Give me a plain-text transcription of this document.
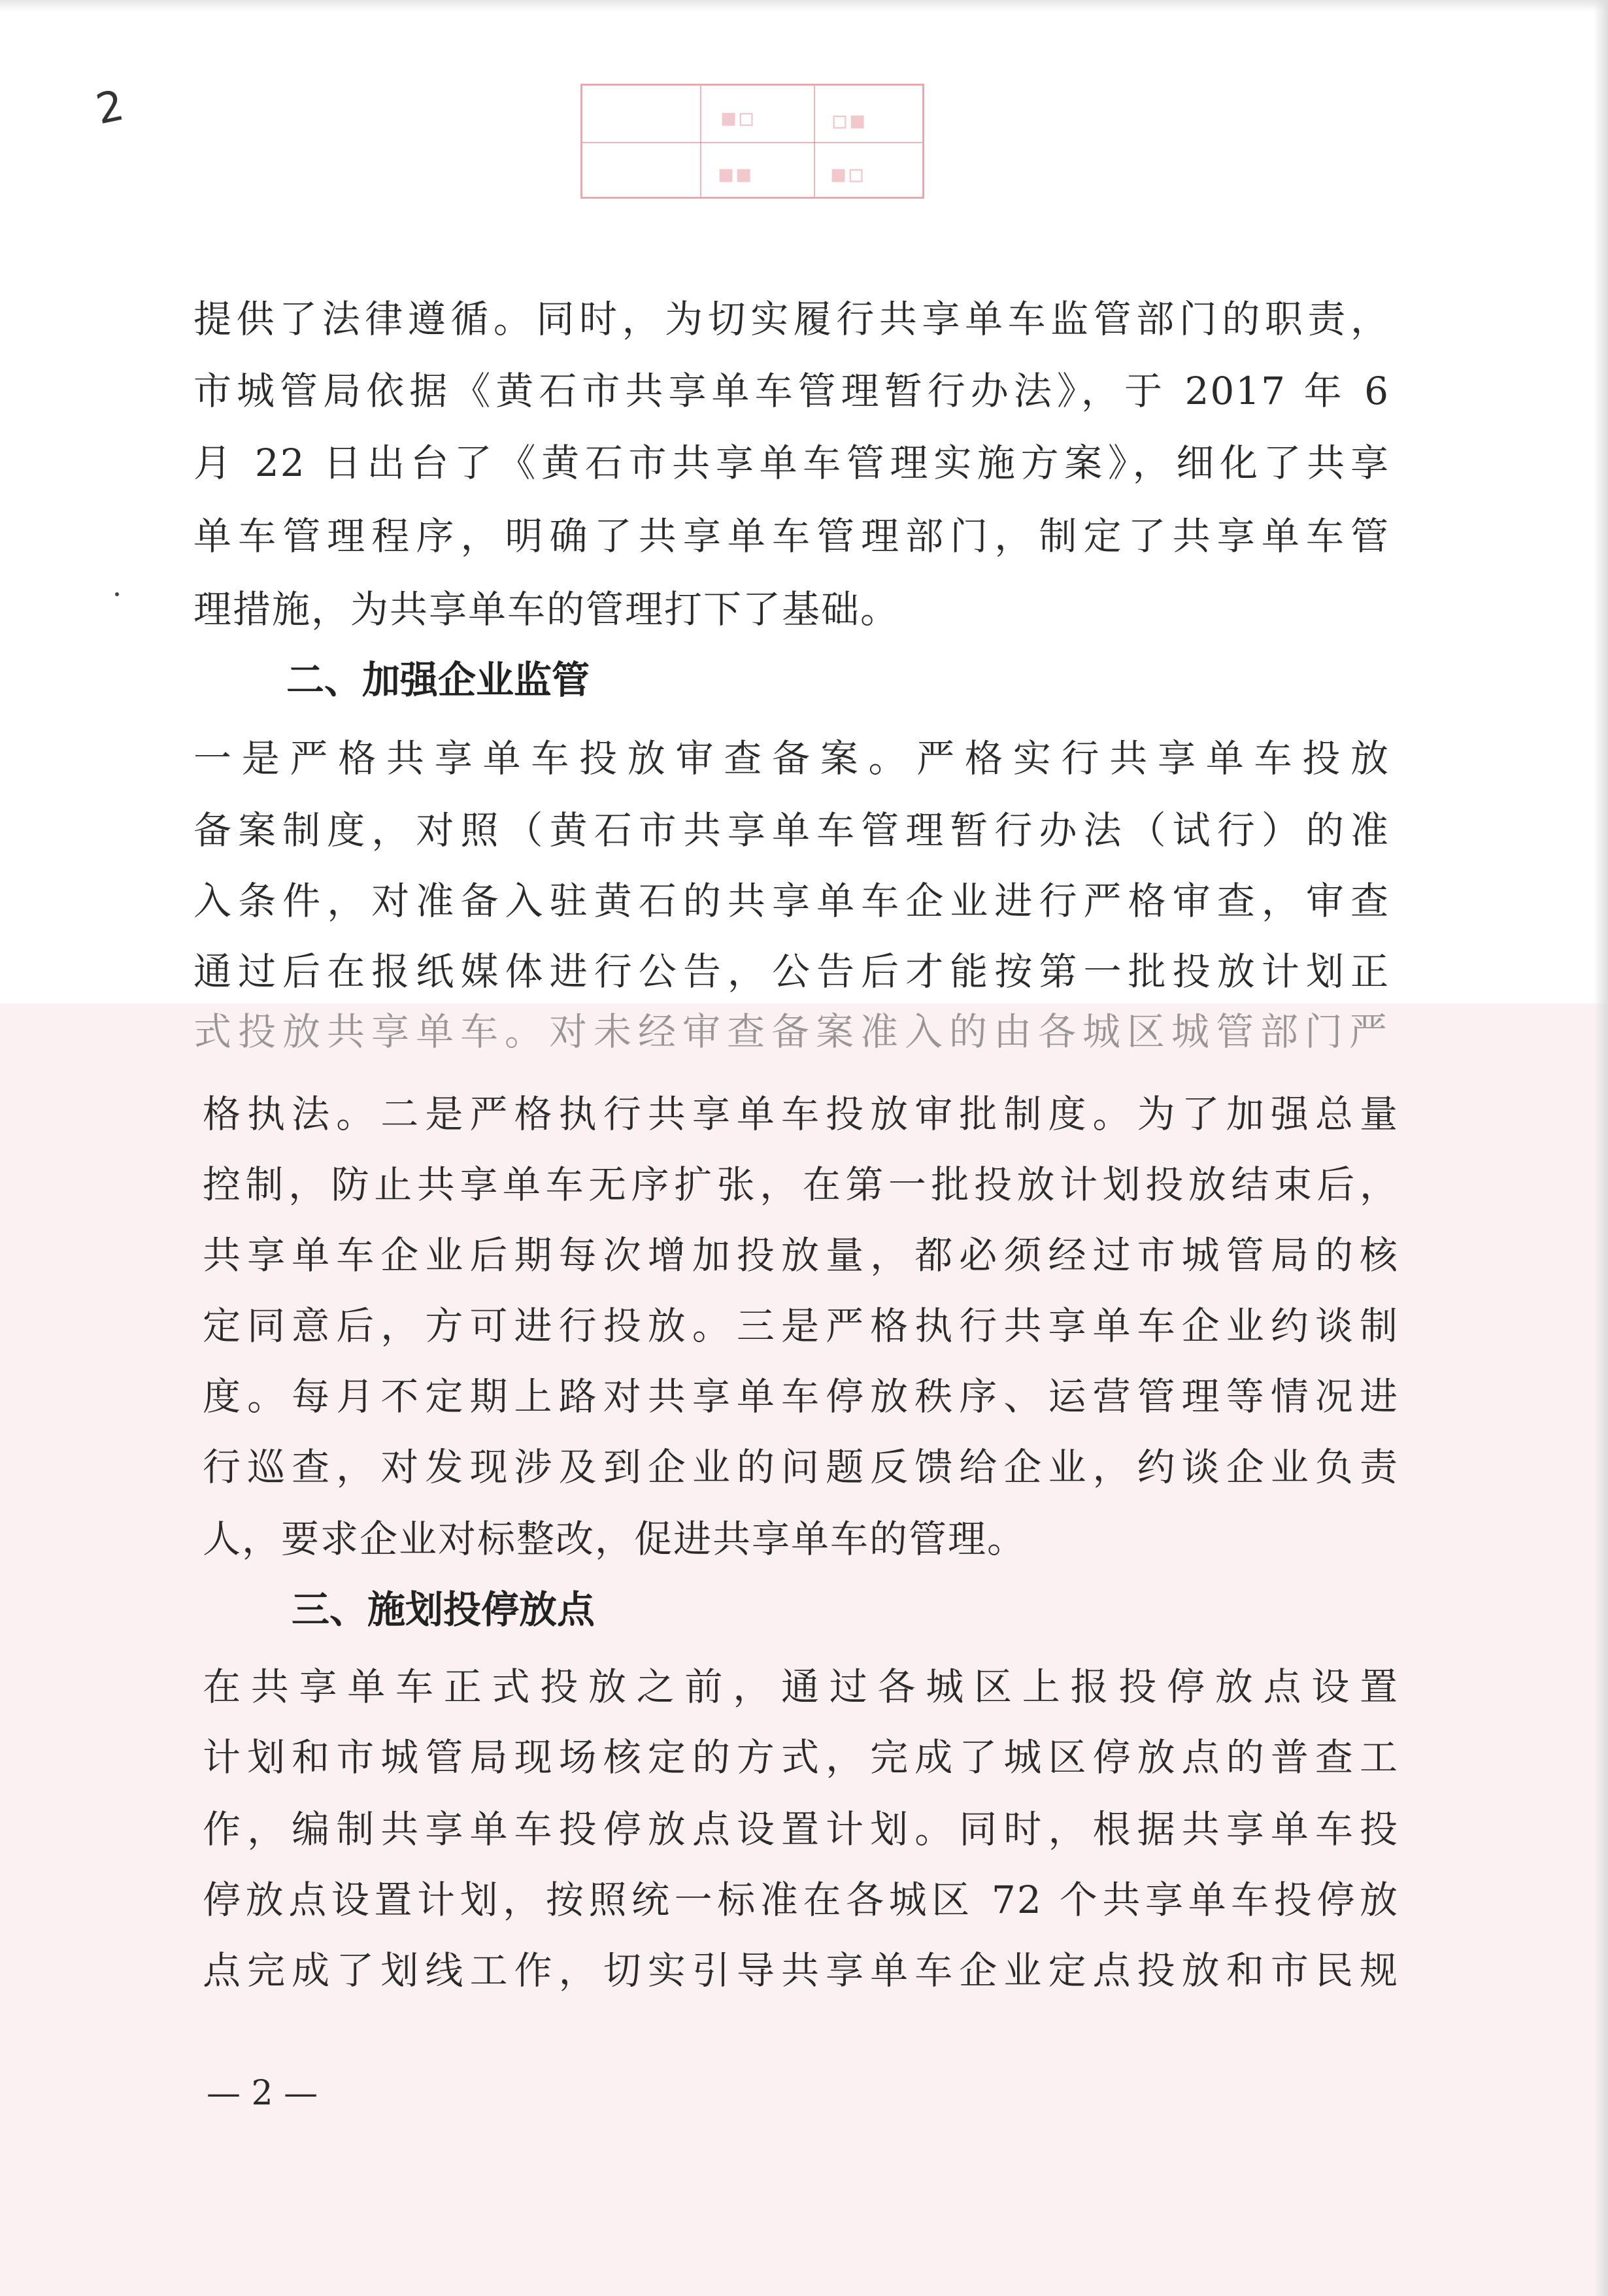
2	▪▫	▫▪
▪▪	▪▫
提供了法律遵循。同时，为切实履行共享单车监管部门的职责，
市城管局依据《黄石市共享单车管理暂行办法》，于 2017 年 6
月 22 日出台了《黄石市共享单车管理实施方案》，细化了共享
单车管理程序，明确了共享单车管理部门，制定了共享单车管
理措施，为共享单车的管理打下了基础。
二、加强企业监管
一是严格共享单车投放审查备案。严格实行共享单车投放
备案制度，对照（黄石市共享单车管理暂行办法（试行）的准
入条件，对准备入驻黄石的共享单车企业进行严格审查，审查
通过后在报纸媒体进行公告，公告后才能按第一批投放计划正
式投放共享单车。对未经审查备案准入的由各城区城管部门严
格执法。二是严格执行共享单车投放审批制度。为了加强总量
控制，防止共享单车无序扩张，在第一批投放计划投放结束后，
共享单车企业后期每次增加投放量，都必须经过市城管局的核
定同意后，方可进行投放。三是严格执行共享单车企业约谈制
度。每月不定期上路对共享单车停放秩序、运营管理等情况进
行巡查，对发现涉及到企业的问题反馈给企业，约谈企业负责
人，要求企业对标整改，促进共享单车的管理。
三、施划投停放点
在共享单车正式投放之前，通过各城区上报投停放点设置
计划和市城管局现场核定的方式，完成了城区停放点的普查工
作，编制共享单车投停放点设置计划。同时，根据共享单车投
停放点设置计划，按照统一标准在各城区 72 个共享单车投停放
点完成了划线工作，切实引导共享单车企业定点投放和市民规
— 2 —
